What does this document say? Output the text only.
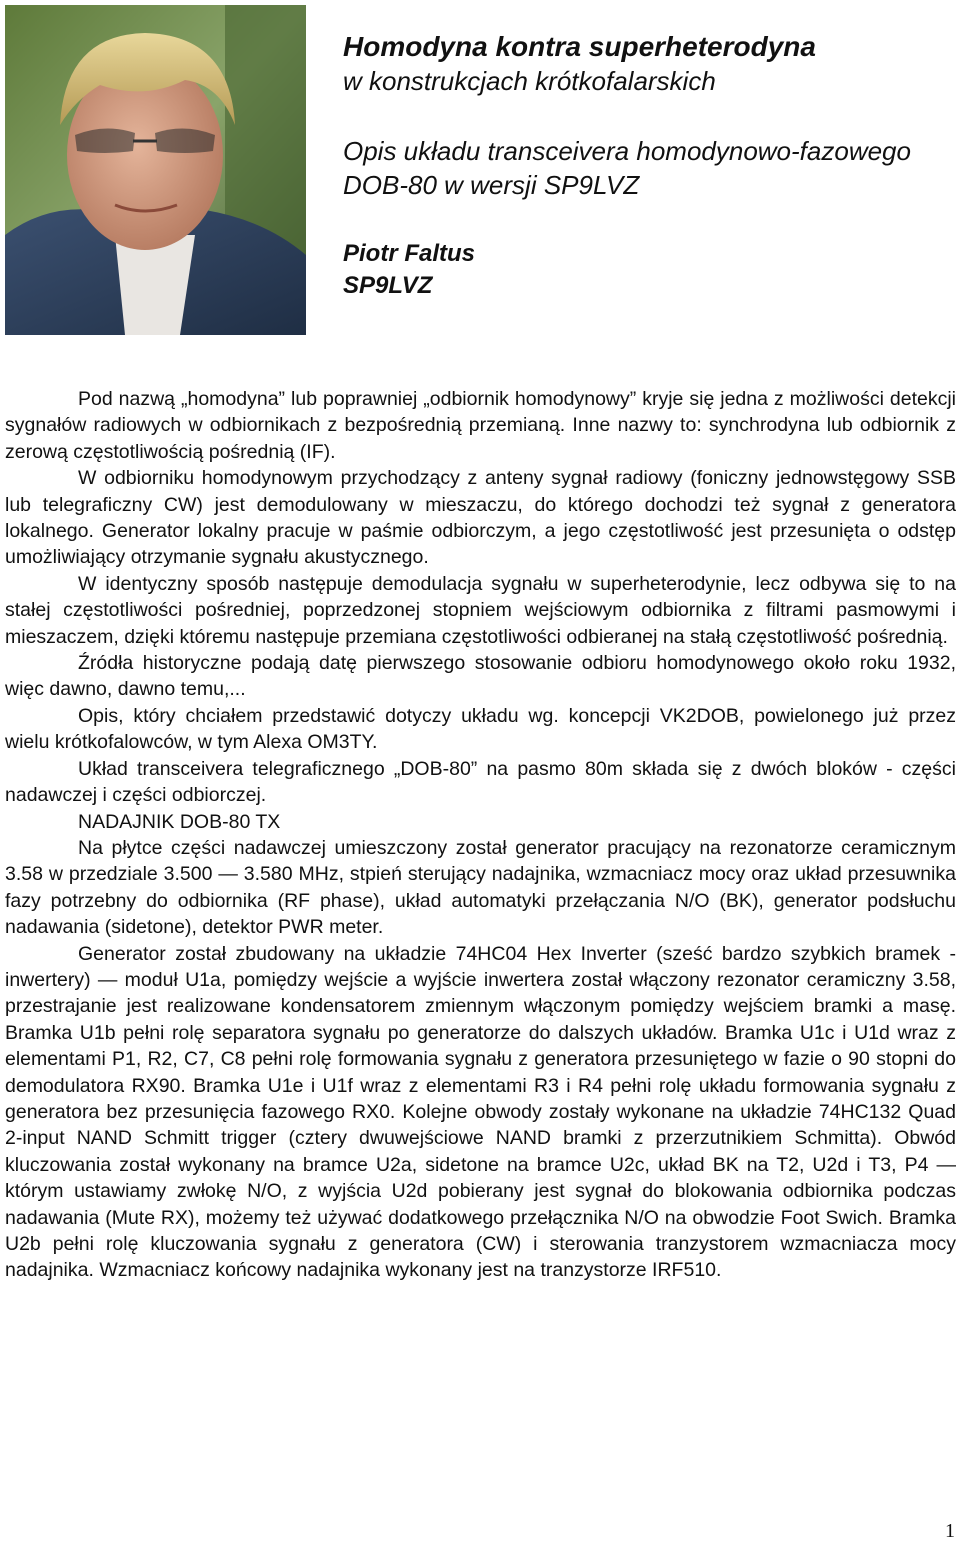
Homodyna kontra superheterodyna
w konstrukcjach krótkofalarskich
Opis układu transceivera homodynowo-fazowego DOB-80 w wersji SP9LVZ
Piotr Faltus
SP9LVZ

Pod nazwą „homodyna” lub poprawniej „odbiornik homodynowy” kryje się jedna z możliwości detekcji sygnałów radiowych w odbiornikach z bezpośrednią przemianą. Inne nazwy to: synchrodyna lub odbiornik z zerową częstotliwością pośrednią (IF).

W odbiorniku homodynowym przychodzący z anteny sygnał radiowy (foniczny jednowstęgowy SSB lub telegraficzny CW) jest demodulowany w mieszaczu, do którego dochodzi też sygnał z generatora lokalnego. Generator lokalny pracuje w paśmie odbiorczym, a jego częstotliwość jest przesunięta o odstęp umożliwiający otrzymanie sygnału akustycznego.

W identyczny sposób następuje demodulacja sygnału w superheterodynie, lecz odbywa się to na stałej częstotliwości pośredniej, poprzedzonej stopniem wejściowym odbiornika z filtrami pasmowymi i mieszaczem, dzięki któremu następuje przemiana częstotliwości odbieranej na stałą częstotliwość pośrednią.

Źródła historyczne podają datę pierwszego stosowanie odbioru homodynowego około roku 1932, więc dawno, dawno temu,...

Opis, który chciałem przedstawić dotyczy układu wg. koncepcji VK2DOB, powielonego już przez wielu krótkofalowców, w tym Alexa OM3TY.

Układ transceivera telegraficznego „DOB-80” na pasmo 80m składa się z dwóch bloków - części nadawczej i części odbiorczej.

NADAJNIK DOB-80 TX

Na płytce części nadawczej umieszczony został generator pracujący na rezonatorze ceramicznym 3.58 w przedziale 3.500 — 3.580 MHz, stpień sterujący nadajnika, wzmacniacz mocy oraz układ przesuwnika fazy potrzebny do odbiornika (RF phase), układ automatyki przełączania N/O (BK), generator podsłuchu nadawania (sidetone), detektor PWR meter.

Generator został zbudowany na układzie 74HC04 Hex Inverter (sześć bardzo szybkich bramek - inwertery) — moduł U1a, pomiędzy wejście a wyjście inwertera został włączony rezonator ceramiczny 3.58, przestrajanie jest realizowane kondensatorem zmiennym włączonym pomiędzy wejściem bramki a masę. Bramka U1b pełni rolę separatora sygnału po generatorze do dalszych układów. Bramka U1c i U1d wraz z elementami P1, R2, C7, C8 pełni rolę formowania sygnału z generatora przesuniętego w fazie o 90 stopni do demodulatora RX90. Bramka U1e i U1f wraz z elementami R3 i R4 pełni rolę układu formowania sygnału z generatora bez przesunięcia fazowego RX0. Kolejne obwody zostały wykonane na układzie 74HC132 Quad 2-input NAND Schmitt trigger (cztery dwuwejściowe NAND bramki z przerzutnikiem Schmitta). Obwód kluczowania został wykonany na bramce U2a, sidetone na bramce U2c, układ BK na T2, U2d i T3, P4 — którym ustawiamy zwłokę N/O, z wyjścia U2d pobierany jest sygnał do blokowania odbiornika podczas nadawania (Mute RX), możemy też używać dodatkowego przełącznika N/O na obwodzie Foot Swich. Bramka U2b pełni rolę kluczowania sygnału z generatora (CW) i sterowania tranzystorem wzmacniacza mocy nadajnika. Wzmacniacz końcowy nadajnika wykonany jest na tranzystorze IRF510.

1
